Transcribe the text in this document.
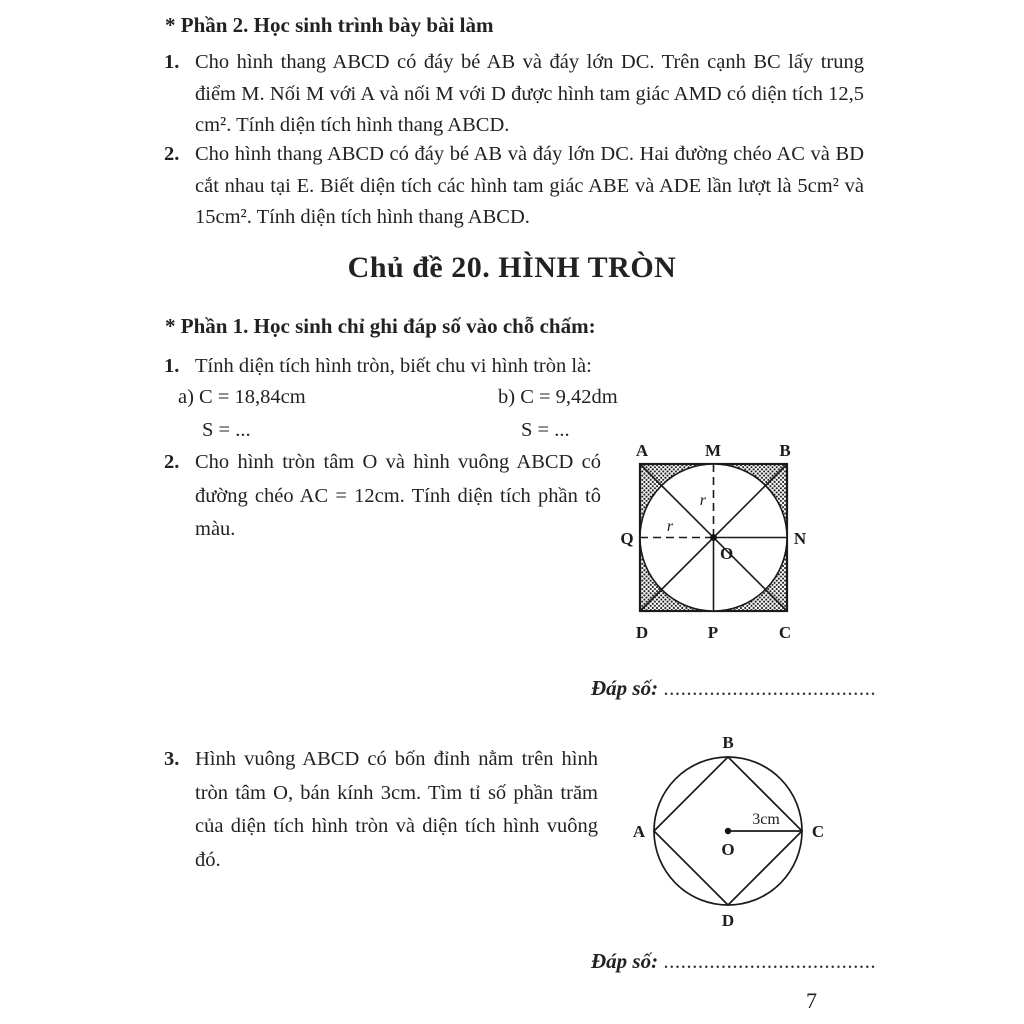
* Phần 2. Học sinh trình bày bài làm
1. Cho hình thang ABCD có đáy bé AB và đáy lớn DC. Trên cạnh BC lấy trung điểm M. Nối M với A và nối M với D được hình tam giác AMD có diện tích 12,5 cm². Tính diện tích hình thang ABCD.
2. Cho hình thang ABCD có đáy bé AB và đáy lớn DC. Hai đường chéo AC và BD cắt nhau tại E. Biết diện tích các hình tam giác ABE và ADE lần lượt là 5cm² và 15cm². Tính diện tích hình thang ABCD.
Chủ đề 20. HÌNH TRÒN
* Phần 1. Học sinh chỉ ghi đáp số vào chỗ chấm:
1. Tính diện tích hình tròn, biết chu vi hình tròn là:
a) C = 18,84cm	b) C = 9,42dm
S = ...	S = ...
2. Cho hình tròn tâm O và hình vuông ABCD có đường chéo AC = 12cm. Tính diện tích phần tô màu.
A	M	B
Q	N
D	P	C
r
r
O
Đáp số: .....................................
3. Hình vuông ABCD có bốn đỉnh nằm trên hình tròn tâm O, bán kính 3cm. Tìm tỉ số phần trăm của diện tích hình tròn và diện tích hình vuông đó.
B
C
D
A
O
3cm
Đáp số: .....................................
7
